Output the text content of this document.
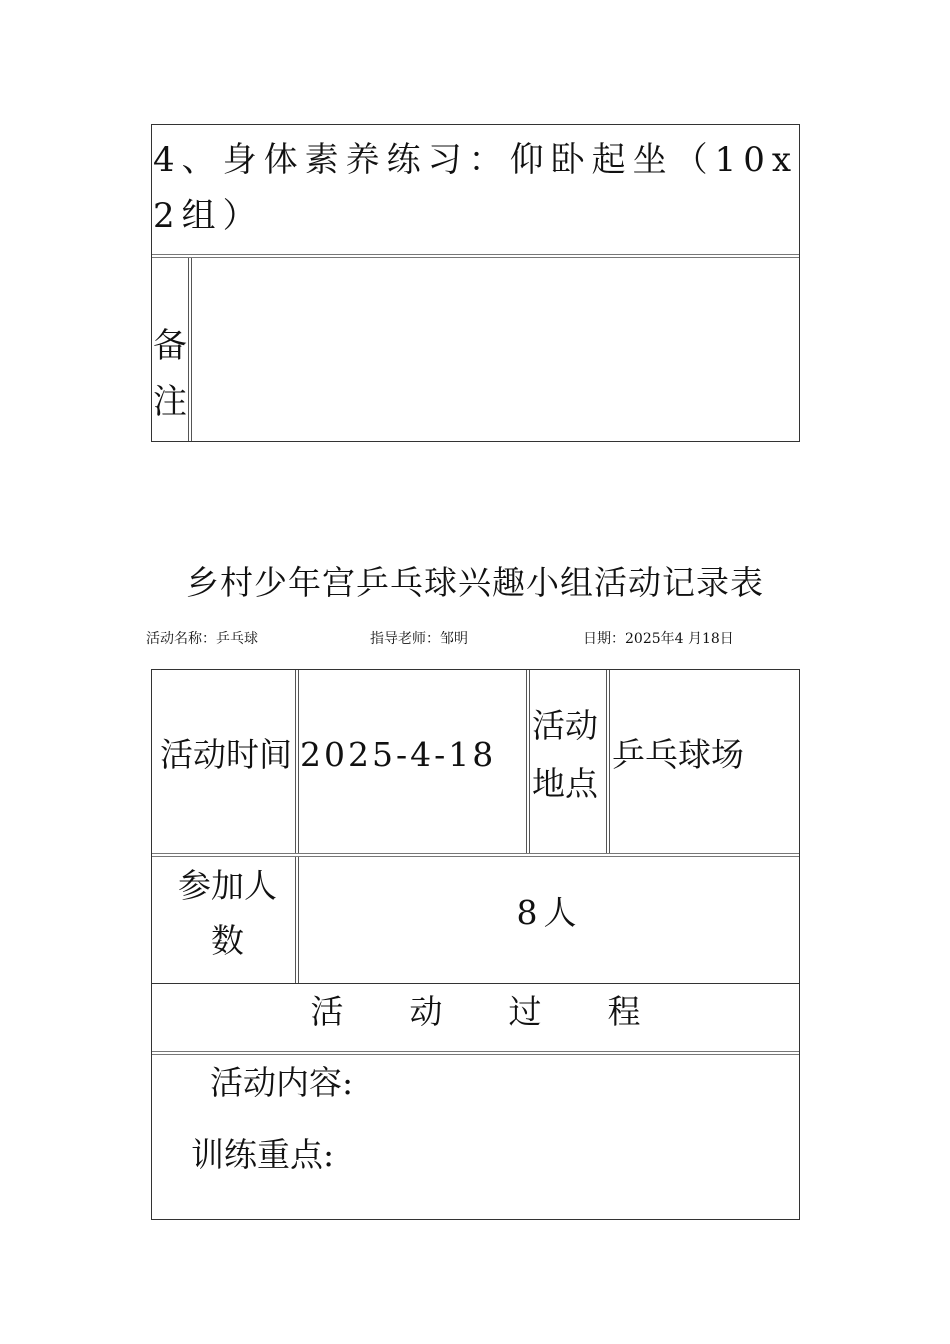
4、身体素养练习：仰卧起坐（10x2组）
备注
乡村少年宫乒乓球兴趣小组活动记录表
活动名称：乒乓球	指导老师：邹明	日期：2025年4 月18日
活动时间 2025-4-18
活动地点
乒乓球场
参加人数
8人
活　　动　　过　　程
活动内容:
训练重点:
